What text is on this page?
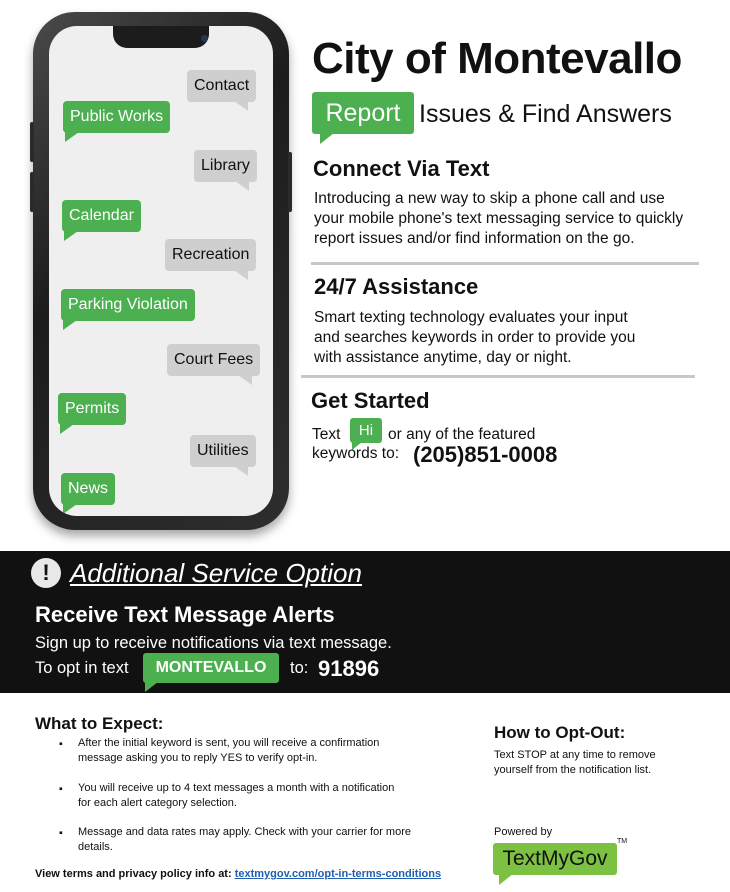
Contact
Public Works
Library
Calendar
Recreation
Parking Violation
Court Fees
Permits
Utilities
News
City of Montevallo
Report Issues & Find Answers
Connect Via Text
Introducing a new way to skip a phone call and use
your mobile phone's text messaging service to quickly
report issues and/or find information on the go.
24/7 Assistance
Smart texting technology evaluates your input
and searches keywords in order to provide you
with assistance anytime, day or night.
Get Started
Text	Hi or any of the featured
keywords to: (205)851-0008
! Additional Service Option
Receive Text Message Alerts
Sign up to receive notifications via text message.
To opt in text	MONTEVALLO	to: 91896
What to Expect:
▪ After the initial keyword is sent, you will receive a confirmation
message asking you to reply YES to verify opt-in.
▪ You will receive up to 4 text messages a month with a notification
for each alert category selection.
▪ Message and data rates may apply. Check with your carrier for more
details.
View terms and privacy policy info at: textmygov.com/opt-in-terms-conditions
How to Opt-Out:
Text STOP at any time to remove
yourself from the notification list.
Powered by
TextMyGov
TM
